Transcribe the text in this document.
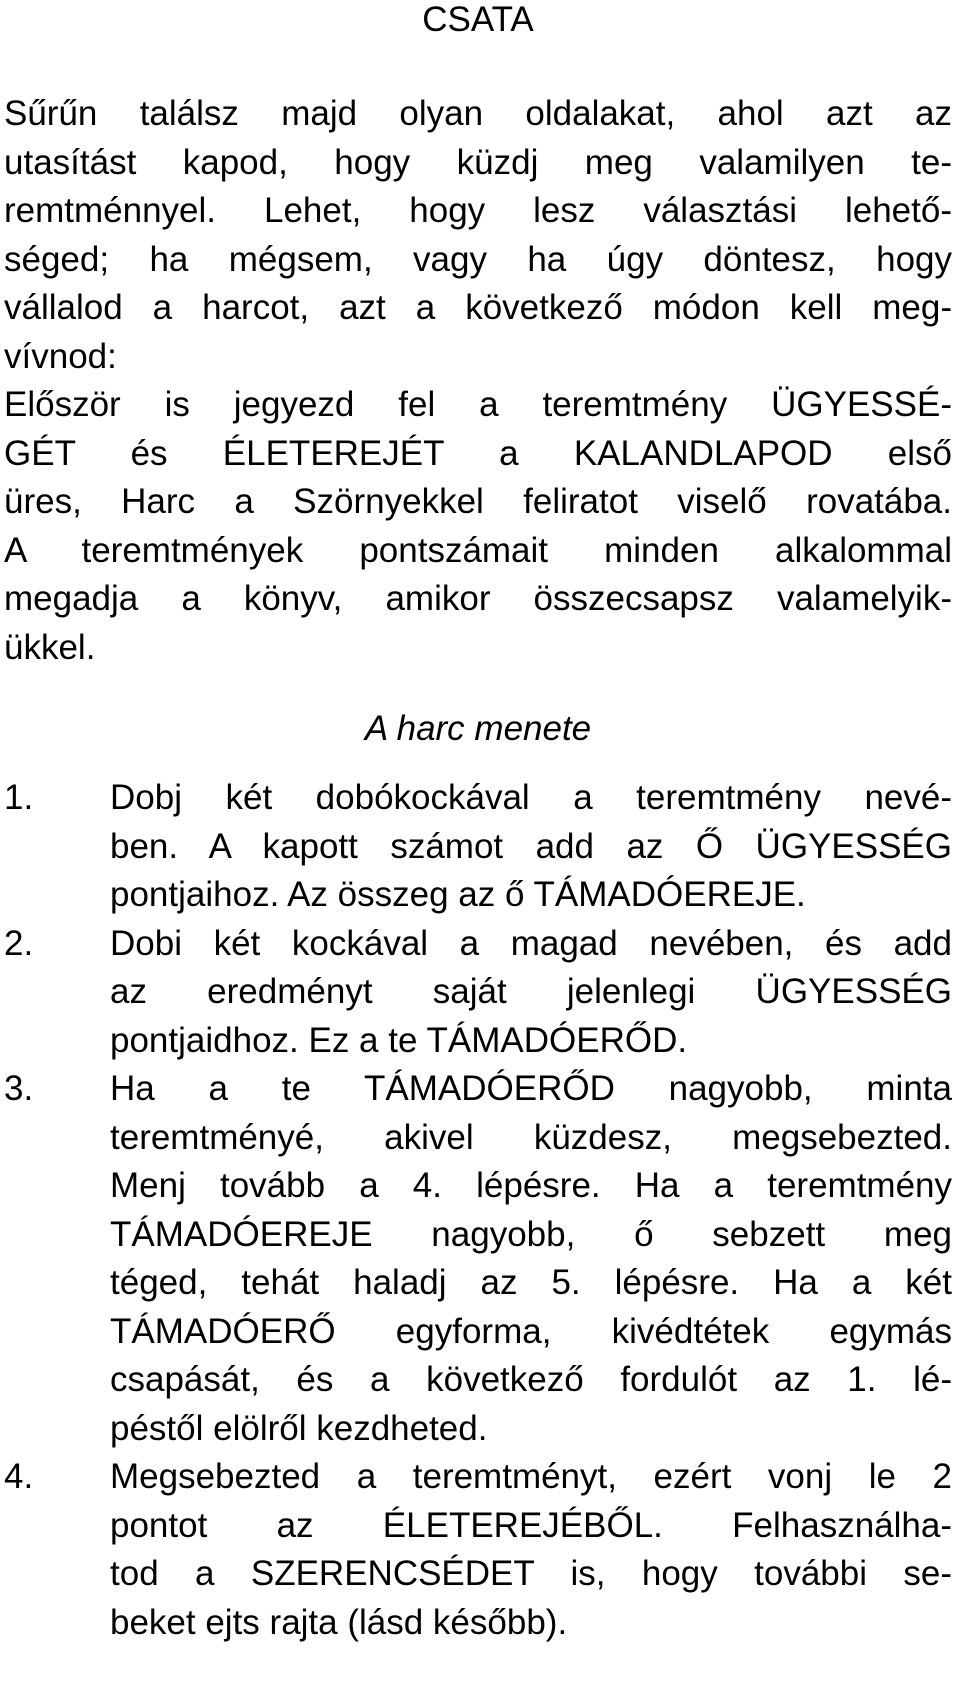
CSATA

Sűrűn találsz majd olyan oldalakat, ahol azt az

utasítást kapod, hogy küzdj meg valamilyen te-

remtménnyel. Lehet, hogy lesz választási lehető-

séged; ha mégsem, vagy ha úgy döntesz, hogy

vállalod a harcot, azt a következő módon kell meg-

vívnod:

Először is jegyezd fel a teremtmény ÜGYESSÉ-

GÉT és ÉLETEREJÉT a KALANDLAPOD első

üres, Harc a Szörnyekkel feliratot viselő rovatába.

A teremtmények pontszámait minden alkalommal

megadja a könyv, amikor összecsapsz valamelyik-

ükkel.

A harc menete
1. Dobj két dobókockával a teremtmény nevé-

ben. A kapott számot add az Ő ÜGYESSÉG

pontjaihoz. Az összeg az ő TÁMADÓEREJE.

2. Dobi két kockával a magad nevében, és add

az eredményt saját jelenlegi ÜGYESSÉG

pontjaidhoz. Ez a te TÁMADÓERŐD.

3. Ha a te TÁMADÓERŐD nagyobb, minta

teremtményé, akivel küzdesz, megsebezted.

Menj tovább a 4. lépésre. Ha a teremtmény

TÁMADÓEREJE nagyobb, ő sebzett meg

téged, tehát haladj az 5. lépésre. Ha a két

TÁMADÓERŐ egyforma, kivédtétek egymás

csapását, és a következő fordulót az 1. lé-

péstől elölről kezdheted.

4. Megsebezted a teremtményt, ezért vonj le 2

pontot az ÉLETEREJÉBŐL. Felhasználha-

tod a SZERENCSÉDET is, hogy további se-

beket ejts rajta (lásd később).
